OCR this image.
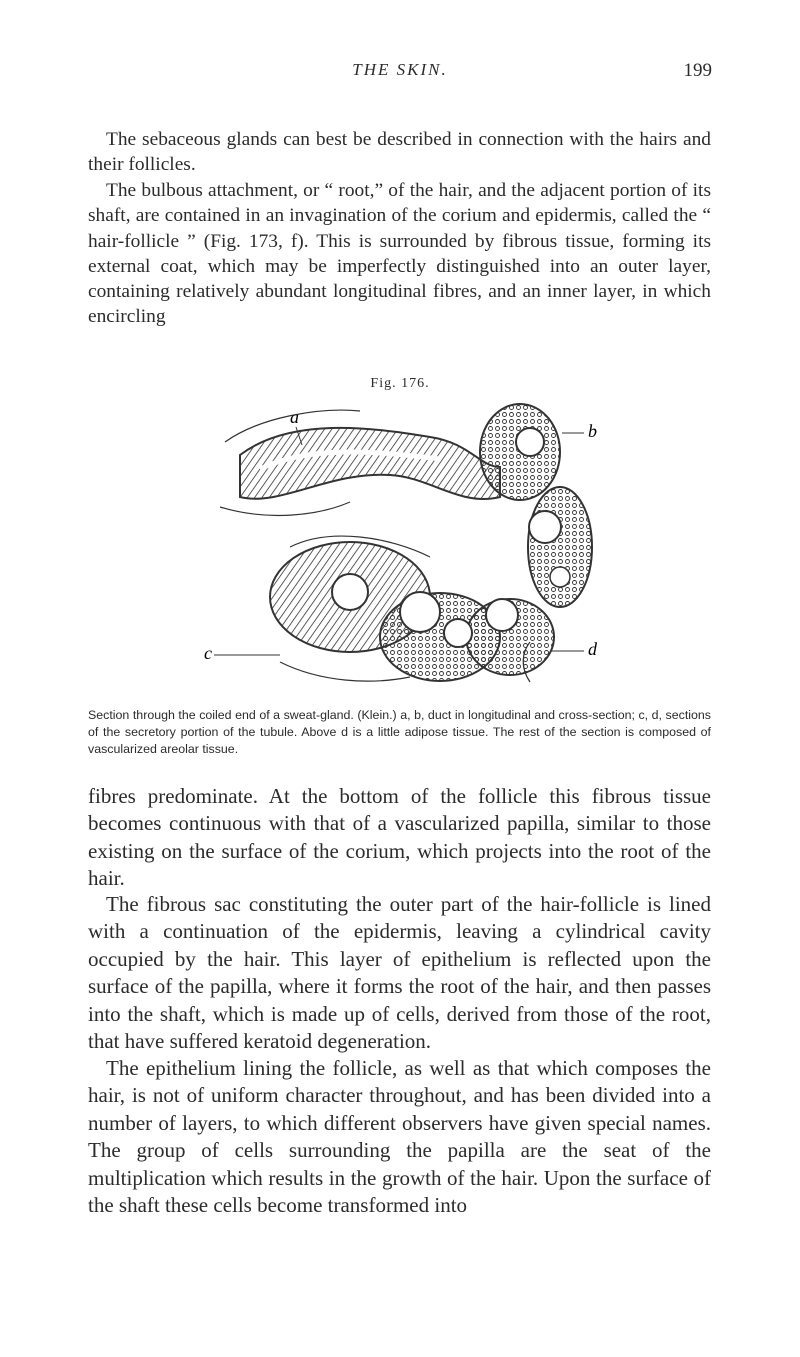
THE SKIN.	199

The sebaceous glands can best be described in connection with the hairs and their follicles.

The bulbous attachment, or “ root,” of the hair, and the adjacent portion of its shaft, are contained in an invagination of the corium and epidermis, called the “ hair-follicle ” (Fig. 173, f). This is surrounded by fibrous tissue, forming its external coat, which may be imperfectly distinguished into an outer layer, containing relatively abundant longitudinal fibres, and an inner layer, in which encircling

Fig. 176.
a
b
c	d

Section through the coiled end of a sweat-gland. (Klein.) a, b, duct in longitudinal and cross-section; c, d, sections of the secretory portion of the tubule. Above d is a little adipose tissue. The rest of the section is composed of vascularized areolar tissue.

fibres predominate. At the bottom of the follicle this fibrous tissue becomes continuous with that of a vascularized papilla, similar to those existing on the surface of the corium, which projects into the root of the hair.

The fibrous sac constituting the outer part of the hair-follicle is lined with a continuation of the epidermis, leaving a cylindrical cavity occupied by the hair. This layer of epithelium is reflected upon the surface of the papilla, where it forms the root of the hair, and then passes into the shaft, which is made up of cells, derived from those of the root, that have suffered keratoid degeneration.

The epithelium lining the follicle, as well as that which composes the hair, is not of uniform character throughout, and has been divided into a number of layers, to which different observers have given special names. The group of cells surrounding the papilla are the seat of the multiplication which results in the growth of the hair. Upon the surface of the shaft these cells become transformed into
